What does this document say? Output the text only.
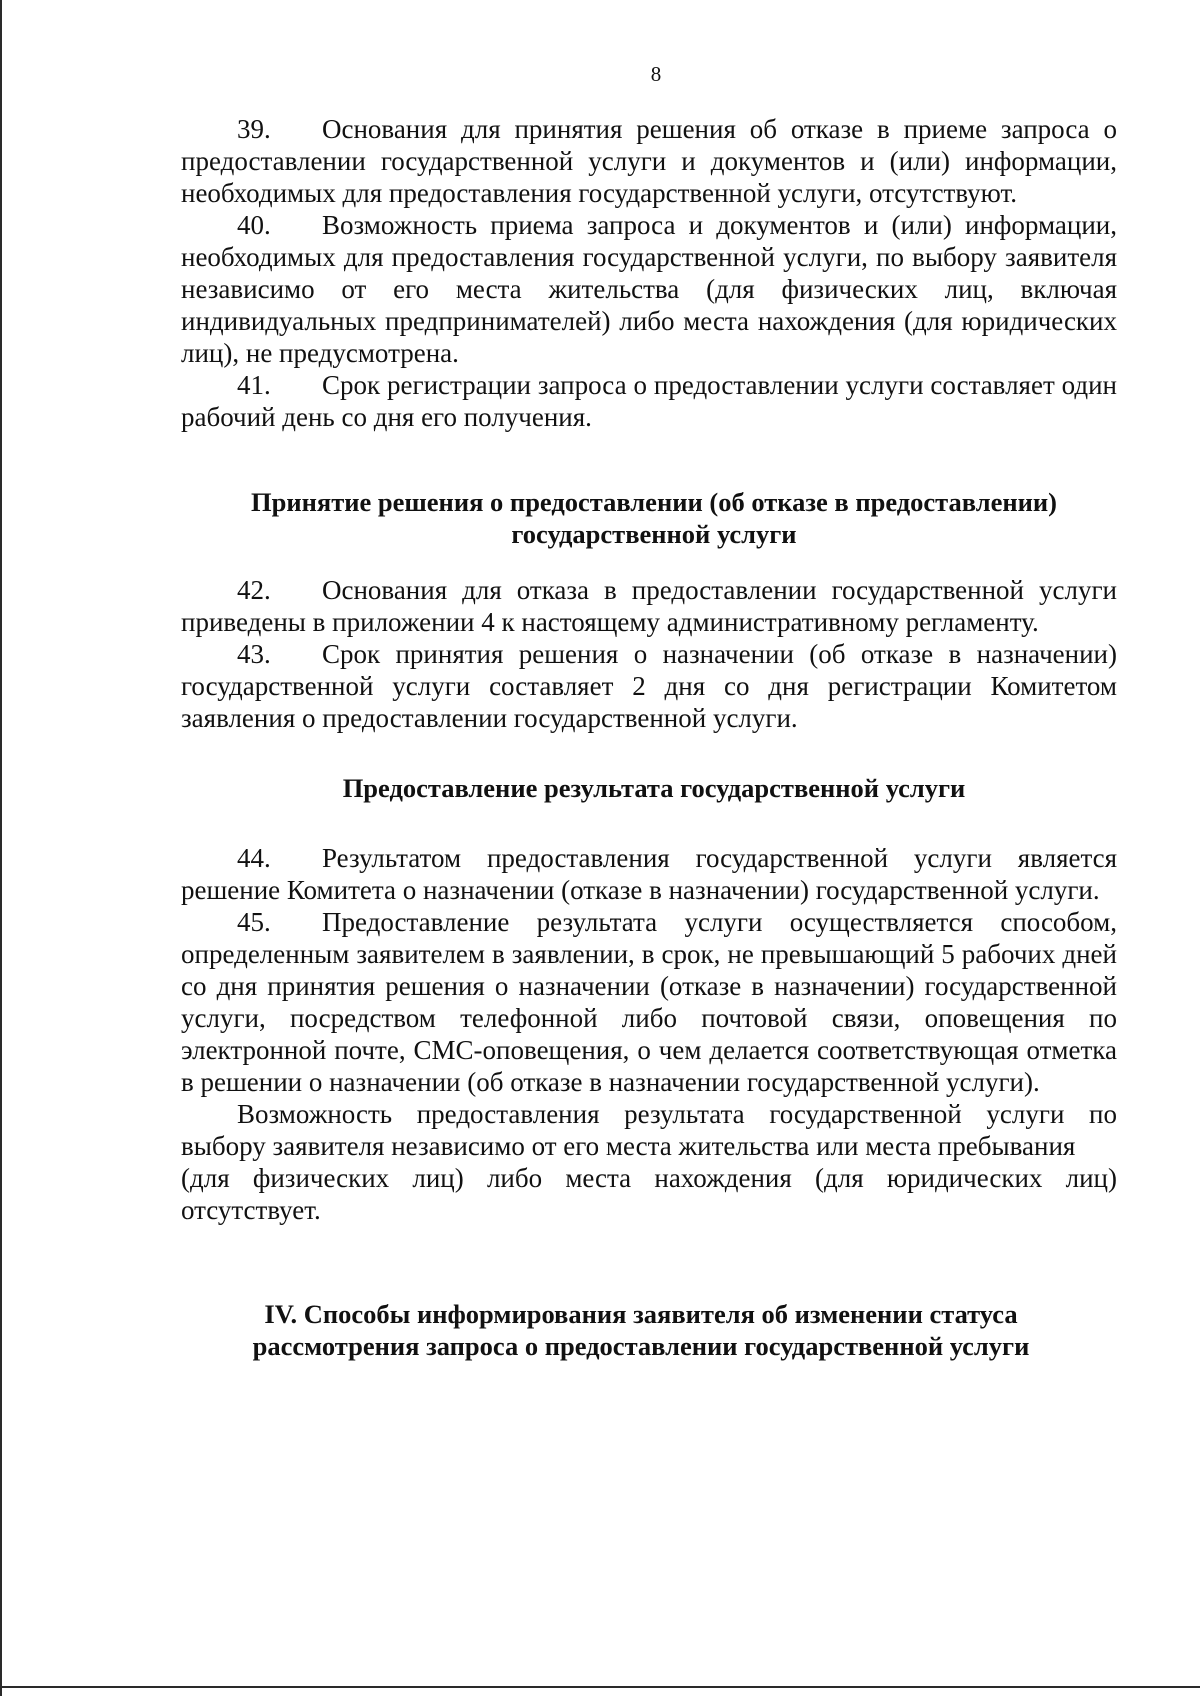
8

39. Основания для принятия решения об отказе в приеме запроса о предоставлении государственной услуги и документов и (или) информации, необходимых для предоставления государственной услуги, отсутствуют.

40. Возможность приема запроса и документов и (или) информации, необходимых для предоставления государственной услуги, по выбору заявителя независимо от его места жительства (для физических лиц, включая индивидуальных предпринимателей) либо места нахождения (для юридических лиц), не предусмотрена.

41. Срок регистрации запроса о предоставлении услуги составляет один рабочий день со дня его получения.

Принятие решения о предоставлении (об отказе в предоставлении)
государственной услуги

42. Основания для отказа в предоставлении государственной услуги приведены в приложении 4 к настоящему административному регламенту.

43. Срок принятия решения о назначении (об отказе в назначении) государственной услуги составляет 2 дня со дня регистрации Комитетом заявления о предоставлении государственной услуги.

Предоставление результата государственной услуги

44. Результатом предоставления государственной услуги является решение Комитета о назначении (отказе в назначении) государственной услуги.

45. Предоставление результата услуги осуществляется способом, определенным заявителем в заявлении, в срок, не превышающий 5 рабочих дней со дня принятия решения о назначении (отказе в назначении) государственной услуги, посредством телефонной либо почтовой связи, оповещения по электронной почте, СМС-оповещения, о чем делается соответствующая отметка в решении о назначении (об отказе в назначении государственной услуги).

Возможность предоставления результата государственной услуги по выбору заявителя независимо от его места жительства или места пребывания

(для физических лиц) либо места нахождения (для юридических лиц) отсутствует.

IV. Способы информирования заявителя об изменении статуса
рассмотрения запроса о предоставлении государственной услуги
